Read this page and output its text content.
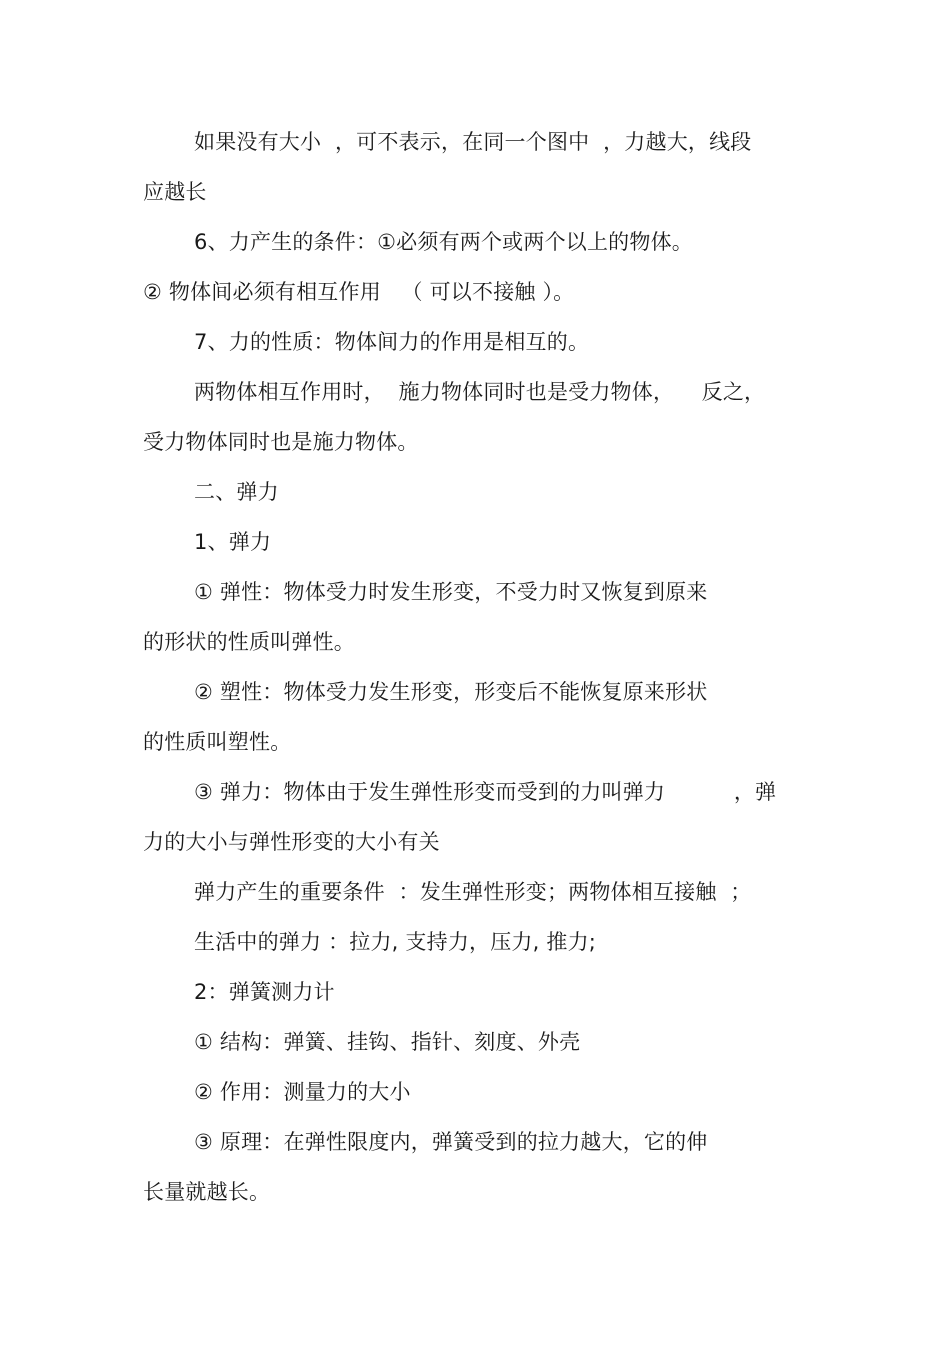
如果没有大小  ，可不表示，在同一个图中  ，力越大，线段
应越长
6、力产生的条件：①必须有两个或两个以上的物体。
② 物体间必须有相互作用   （ 可以不接触 ）。
7、力的性质：物体间力的作用是相互的。
两物体相互作用时，  施力物体同时也是受力物体，    反之，
受力物体同时也是施力物体。
二、弹力
1、弹力
① 弹性：物体受力时发生形变，不受力时又恢复到原来
的形状的性质叫弹性。
② 塑性：物体受力发生形变，形变后不能恢复原来形状
的性质叫塑性。
③ 弹力：物体由于发生弹性形变而受到的力叫弹力          ，弹
力的大小与弹性形变的大小有关
弹力产生的重要条件  ：发生弹性形变；两物体相互接触  ；
生活中的弹力 ：拉力, 支持力，压力, 推力;
2：弹簧测力计
① 结构：弹簧、挂钩、指针、刻度、外壳
② 作用：测量力的大小
③ 原理：在弹性限度内，弹簧受到的拉力越大，它的伸
长量就越长。
